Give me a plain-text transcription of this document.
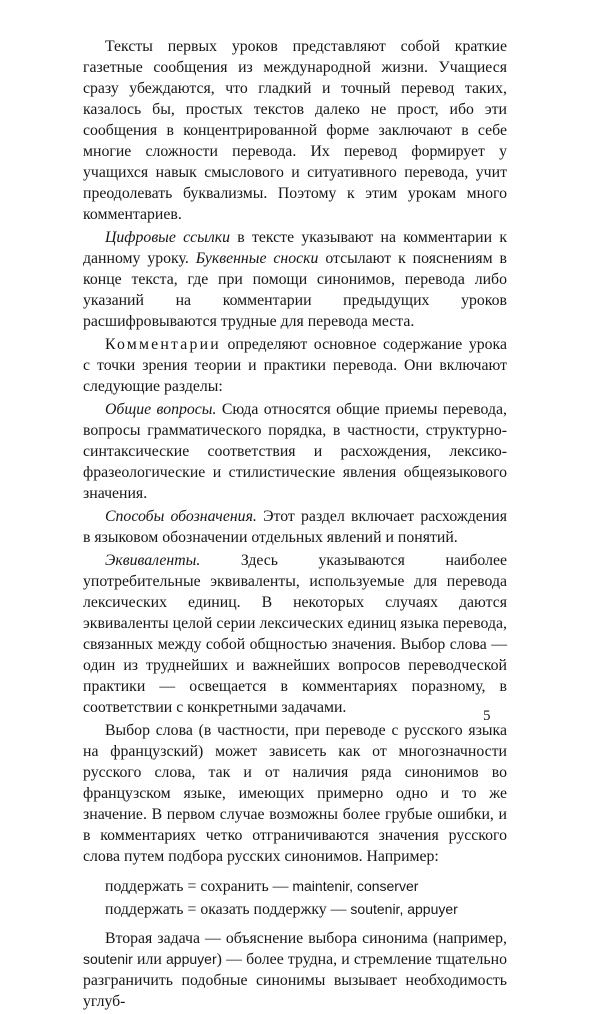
Тексты первых уроков представляют собой краткие газетные сообщения из международной жизни. Учащиеся сразу убеждаются, что гладкий и точный перевод таких, казалось бы, простых текстов далеко не прост, ибо эти сообщения в концентрированной форме заключают в себе многие сложности перевода. Их перевод формирует у учащихся навык смыслового и ситуативного перевода, учит преодолевать буквализмы. Поэтому к этим урокам много комментариев.

Цифровые ссылки в тексте указывают на комментарии к данному уроку. Буквенные сноски отсылают к пояснениям в конце текста, где при помощи синонимов, перевода либо указаний на комментарии предыдущих уроков расшифровываются трудные для перевода места.

Комментарии определяют основное содержание урока с точки зрения теории и практики перевода. Они включают следующие разделы:

Общие вопросы. Сюда относятся общие приемы перевода, вопросы грамматического порядка, в частности, структурно-синтаксические соответствия и расхождения, лексико-фразеологические и стилистические явления общеязыкового значения.

Способы обозначения. Этот раздел включает расхождения в языковом обозначении отдельных явлений и понятий.

Эквиваленты. Здесь указываются наиболее употребительные эквиваленты, используемые для перевода лексических единиц. В некоторых случаях даются эквиваленты целой серии лексических единиц языка перевода, связанных между собой общностью значения. Выбор слова — один из труднейших и важнейших вопросов переводческой практики — освещается в комментариях поразному, в соответствии с конкретными задачами.

Выбор слова (в частности, при переводе с русского языка на французский) может зависеть как от многозначности русского слова, так и от наличия ряда синонимов во французском языке, имеющих примерно одно и то же значение. В первом случае возможны более грубые ошибки, и в комментариях четко отграничиваются значения русского слова путем подбора русских синонимов. Например:

поддержать = сохранить — maintenir, conserver

поддержать = оказать поддержку — soutenir, appuyer

Вторая задача — объяснение выбора синонима (например, soutenir или appuyer) — более трудна, и стремление тщательно разграничить подобные синонимы вызывает необходимость углуб-

5
